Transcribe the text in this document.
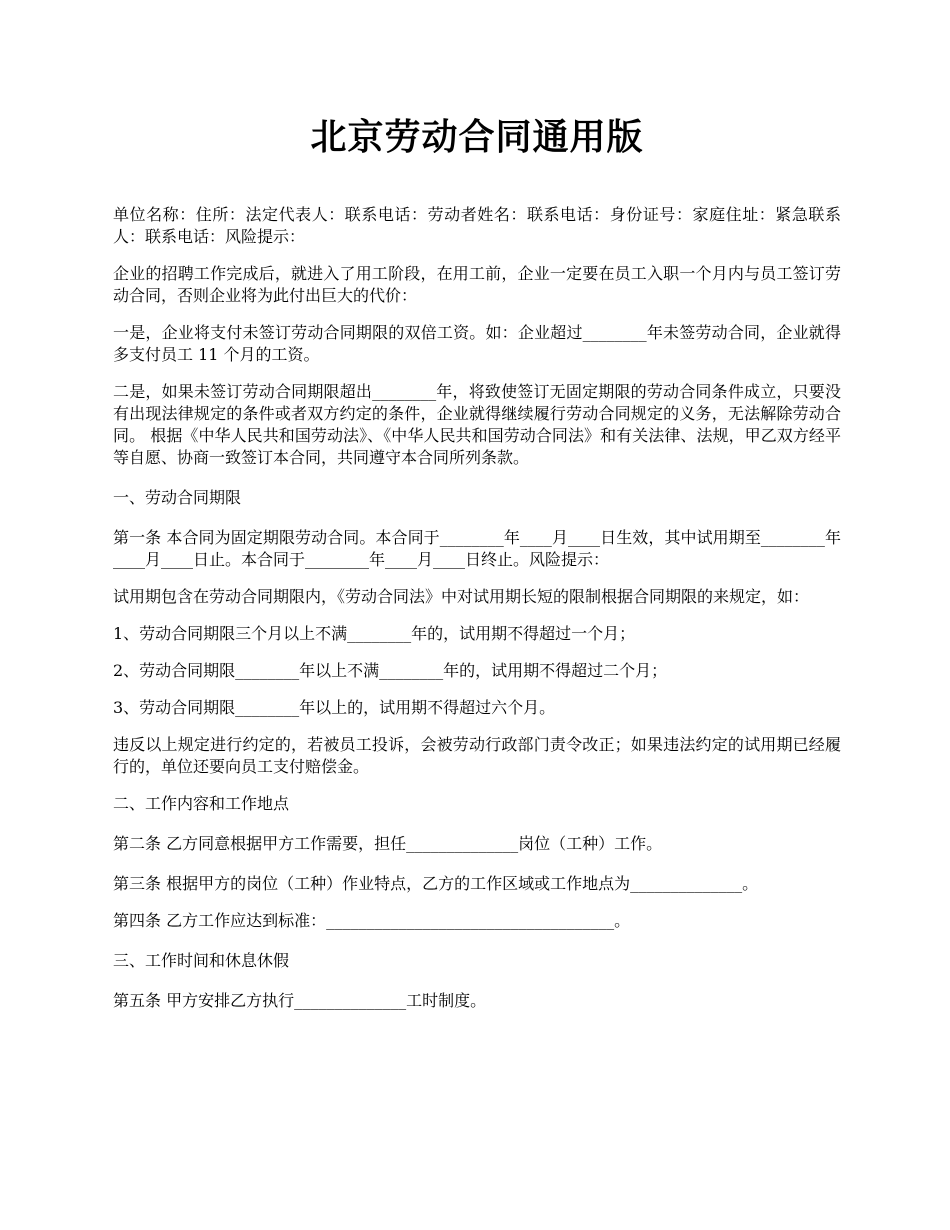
北京劳动合同通用版

单位名称：住所：法定代表人：联系电话：劳动者姓名：联系电话：身份证号：家庭住址：紧急联系人：联系电话：风险提示：

企业的招聘工作完成后，就进入了用工阶段，在用工前，企业一定要在员工入职一个月内与员工签订劳动合同，否则企业将为此付出巨大的代价：

一是，企业将支付未签订劳动合同期限的双倍工资。如：企业超过________年未签劳动合同，企业就得多支付员工 11 个月的工资。

二是，如果未签订劳动合同期限超出________年，将致使签订无固定期限的劳动合同条件成立，只要没有出现法律规定的条件或者双方约定的条件，企业就得继续履行劳动合同规定的义务，无法解除劳动合同。 根据《中华人民共和国劳动法》、《中华人民共和国劳动合同法》和有关法律、法规，甲乙双方经平等自愿、协商一致签订本合同，共同遵守本合同所列条款。

一、劳动合同期限

第一条 本合同为固定期限劳动合同。本合同于________年____月____日生效，其中试用期至________年____月____日止。本合同于________年____月____日终止。风险提示：

试用期包含在劳动合同期限内，《劳动合同法》中对试用期长短的限制根据合同期限的来规定，如：

1、劳动合同期限三个月以上不满________年的，试用期不得超过一个月；

2、劳动合同期限________年以上不满________年的，试用期不得超过二个月；

3、劳动合同期限________年以上的，试用期不得超过六个月。

违反以上规定进行约定的，若被员工投诉，会被劳动行政部门责令改正；如果违法约定的试用期已经履行的，单位还要向员工支付赔偿金。

二、工作内容和工作地点

第二条 乙方同意根据甲方工作需要，担任______________岗位（工种）工作。

第三条 根据甲方的岗位（工种）作业特点，乙方的工作区域或工作地点为______________。

第四条 乙方工作应达到标准：____________________________________。

三、工作时间和休息休假

第五条 甲方安排乙方执行______________工时制度。
